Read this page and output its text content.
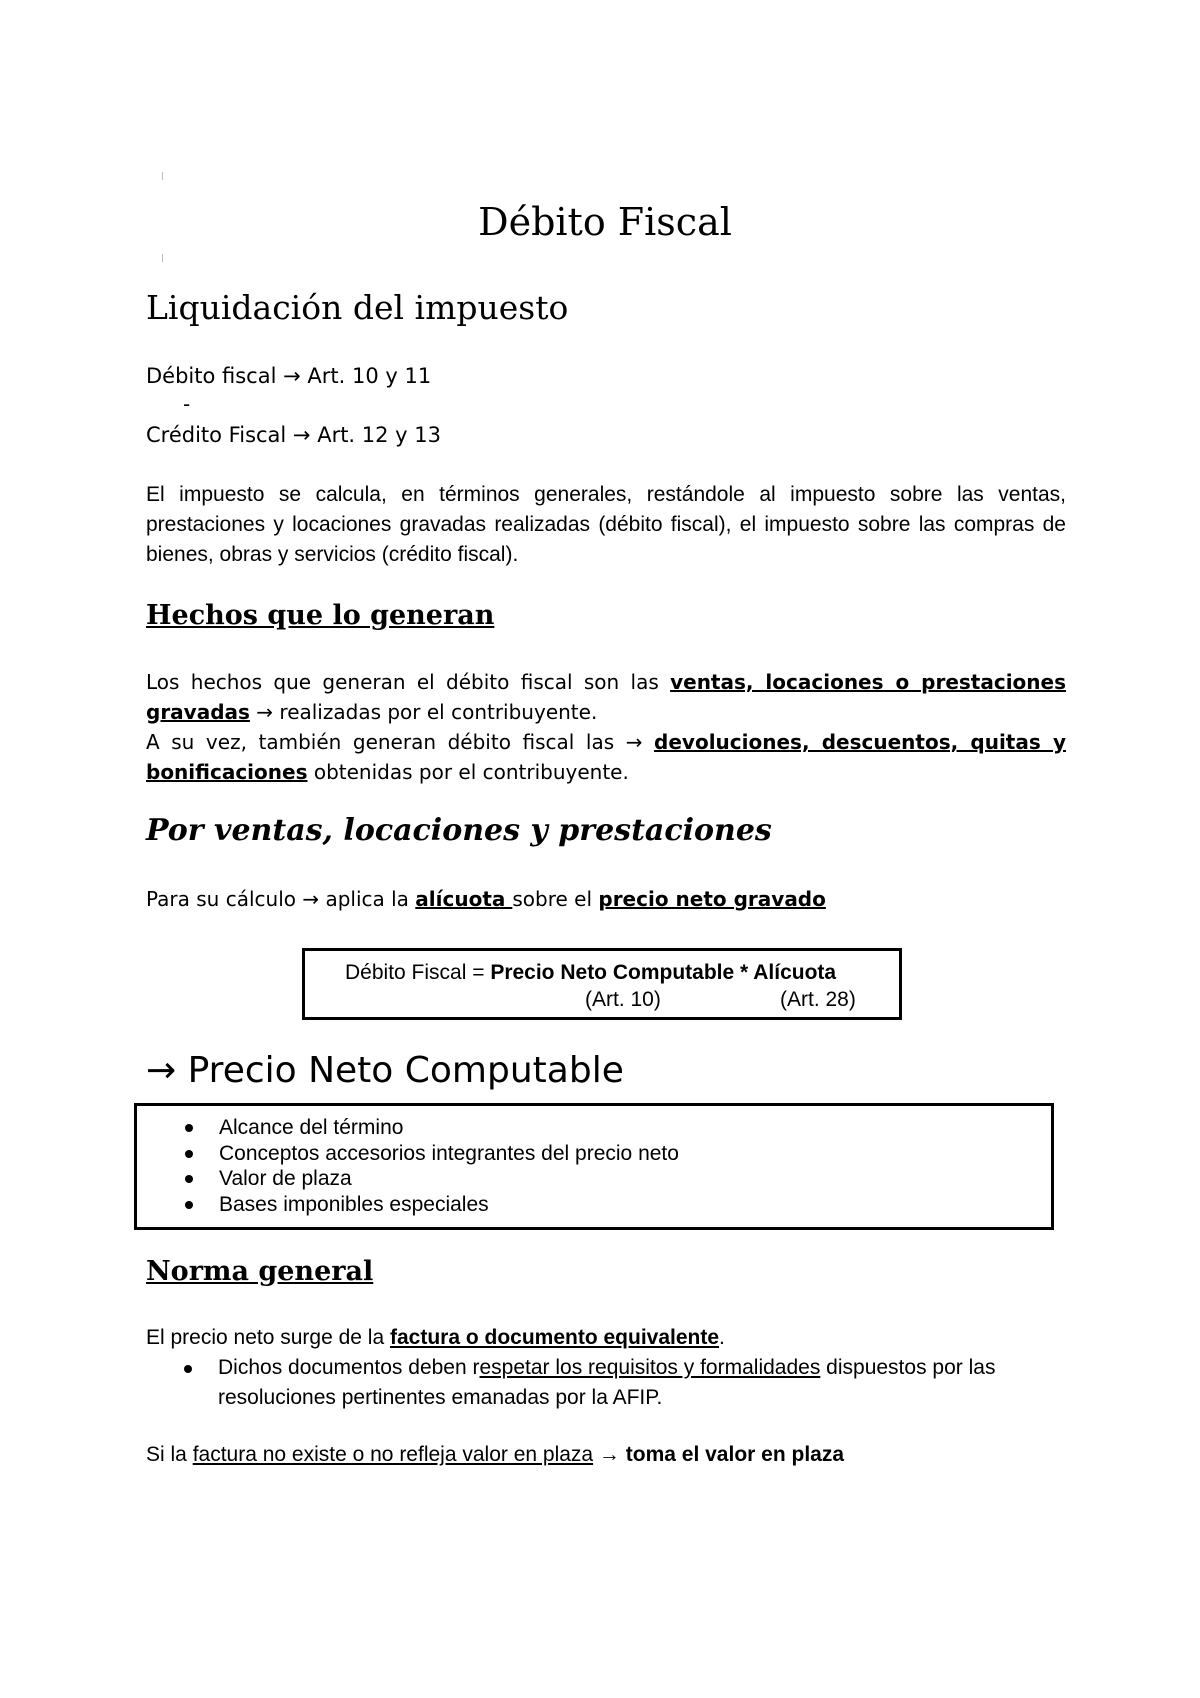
Débito Fiscal
Liquidación del impuesto
Débito fiscal → Art. 10 y 11
-
Crédito Fiscal → Art. 12 y 13

El impuesto se calcula, en términos generales, restándole al impuesto sobre las ventas, prestaciones y locaciones gravadas realizadas (débito fiscal), el impuesto sobre las compras de bienes, obras y servicios (crédito fiscal).

Hechos que lo generan

Los hechos que generan el débito fiscal son las ventas, locaciones o prestaciones gravadas → realizadas por el contribuyente.

A su vez, también generan débito fiscal las → devoluciones, descuentos, quitas y bonificaciones obtenidas por el contribuyente.

Por ventas, locaciones y prestaciones
Para su cálculo → aplica la alícuota sobre el precio neto gravado
Débito Fiscal = Precio Neto Computable * Alícuota
(Art. 10)	(Art. 28)
→ Precio Neto Computable
Alcance del término
Conceptos accesorios integrantes del precio neto
Valor de plaza
Bases imponibles especiales
Norma general

El precio neto surge de la factura o documento equivalente.

Dichos documentos deben respetar los requisitos y formalidades dispuestos por las resoluciones pertinentes emanadas por la AFIP.

Si la factura no existe o no refleja valor en plaza → toma el valor en plaza
